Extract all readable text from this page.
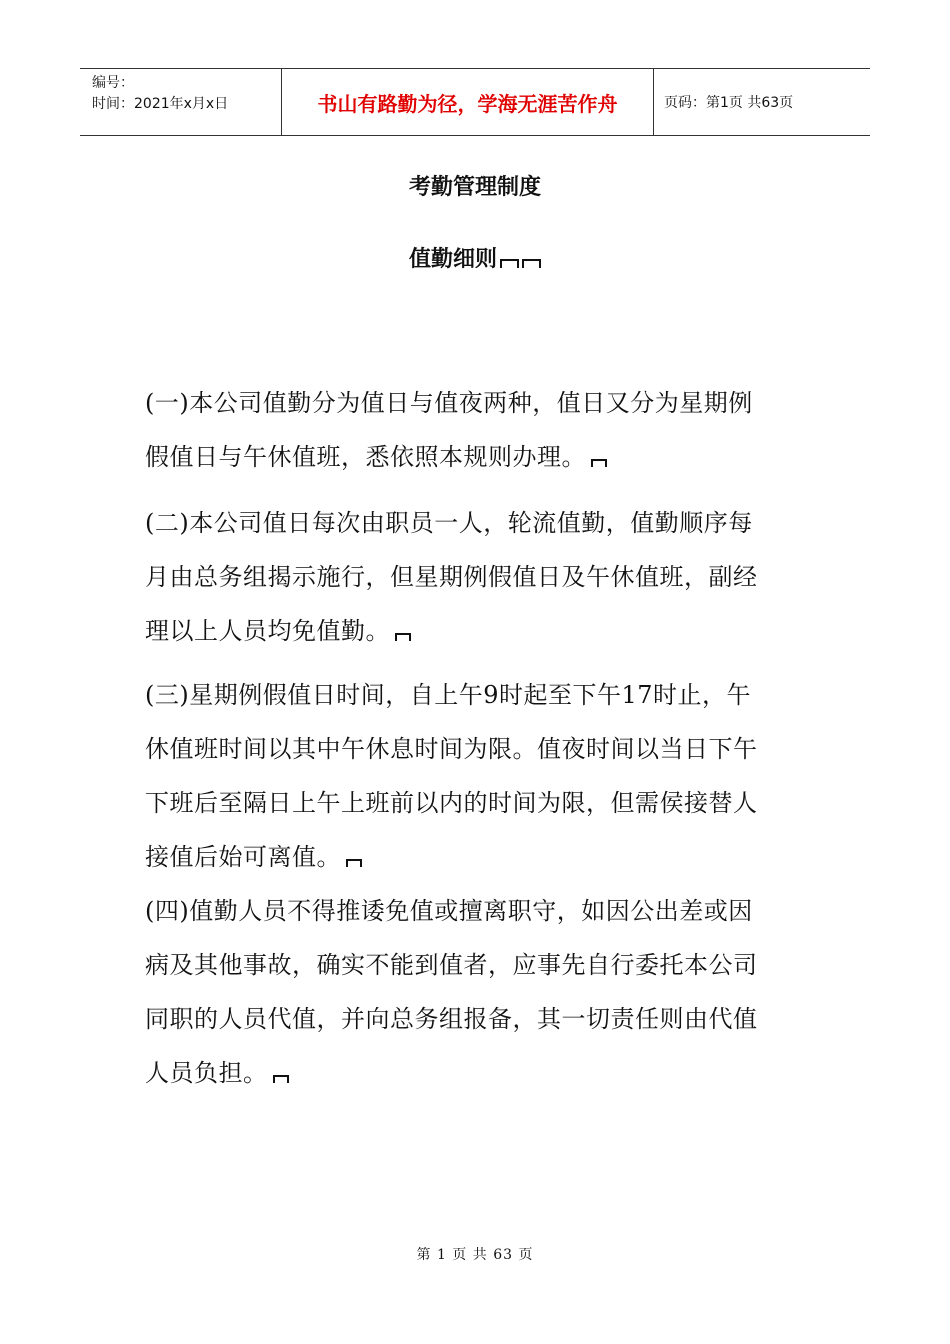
编号：
时间：2021年x月x日	书山有路勤为径，学海无涯苦作舟	页码：第1页 共63页
考勤管理制度
值勤细则
(一)本公司值勤分为值日与值夜两种，值日又分为星期例
假值日与午休值班，悉依照本规则办理。
(二)本公司值日每次由职员一人，轮流值勤，值勤顺序每
月由总务组揭示施行，但星期例假值日及午休值班，副经
理以上人员均免值勤。
(三)星期例假值日时间，自上午9时起至下午17时止，午
休值班时间以其中午休息时间为限。值夜时间以当日下午
下班后至隔日上午上班前以内的时间为限，但需侯接替人
接值后始可离值。
(四)值勤人员不得推诿免值或擅离职守，如因公出差或因
病及其他事故，确实不能到值者，应事先自行委托本公司
同职的人员代值，并向总务组报备，其一切责任则由代值
人员负担。
第 1 页 共 63 页
